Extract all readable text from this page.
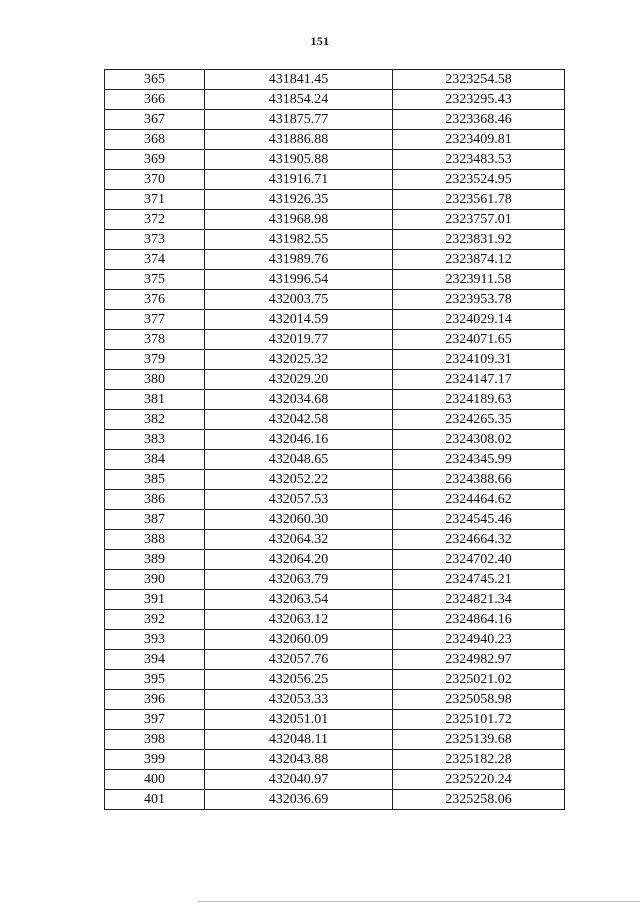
151
365	431841.45	2323254.58
366	431854.24	2323295.43
367	431875.77	2323368.46
368	431886.88	2323409.81
369	431905.88	2323483.53
370	431916.71	2323524.95
371	431926.35	2323561.78
372	431968.98	2323757.01
373	431982.55	2323831.92
374	431989.76	2323874.12
375	431996.54	2323911.58
376	432003.75	2323953.78
377	432014.59	2324029.14
378	432019.77	2324071.65
379	432025.32	2324109.31
380	432029.20	2324147.17
381	432034.68	2324189.63
382	432042.58	2324265.35
383	432046.16	2324308.02
384	432048.65	2324345.99
385	432052.22	2324388.66
386	432057.53	2324464.62
387	432060.30	2324545.46
388	432064.32	2324664.32
389	432064.20	2324702.40
390	432063.79	2324745.21
391	432063.54	2324821.34
392	432063.12	2324864.16
393	432060.09	2324940.23
394	432057.76	2324982.97
395	432056.25	2325021.02
396	432053.33	2325058.98
397	432051.01	2325101.72
398	432048.11	2325139.68
399	432043.88	2325182.28
400	432040.97	2325220.24
401	432036.69	2325258.06
